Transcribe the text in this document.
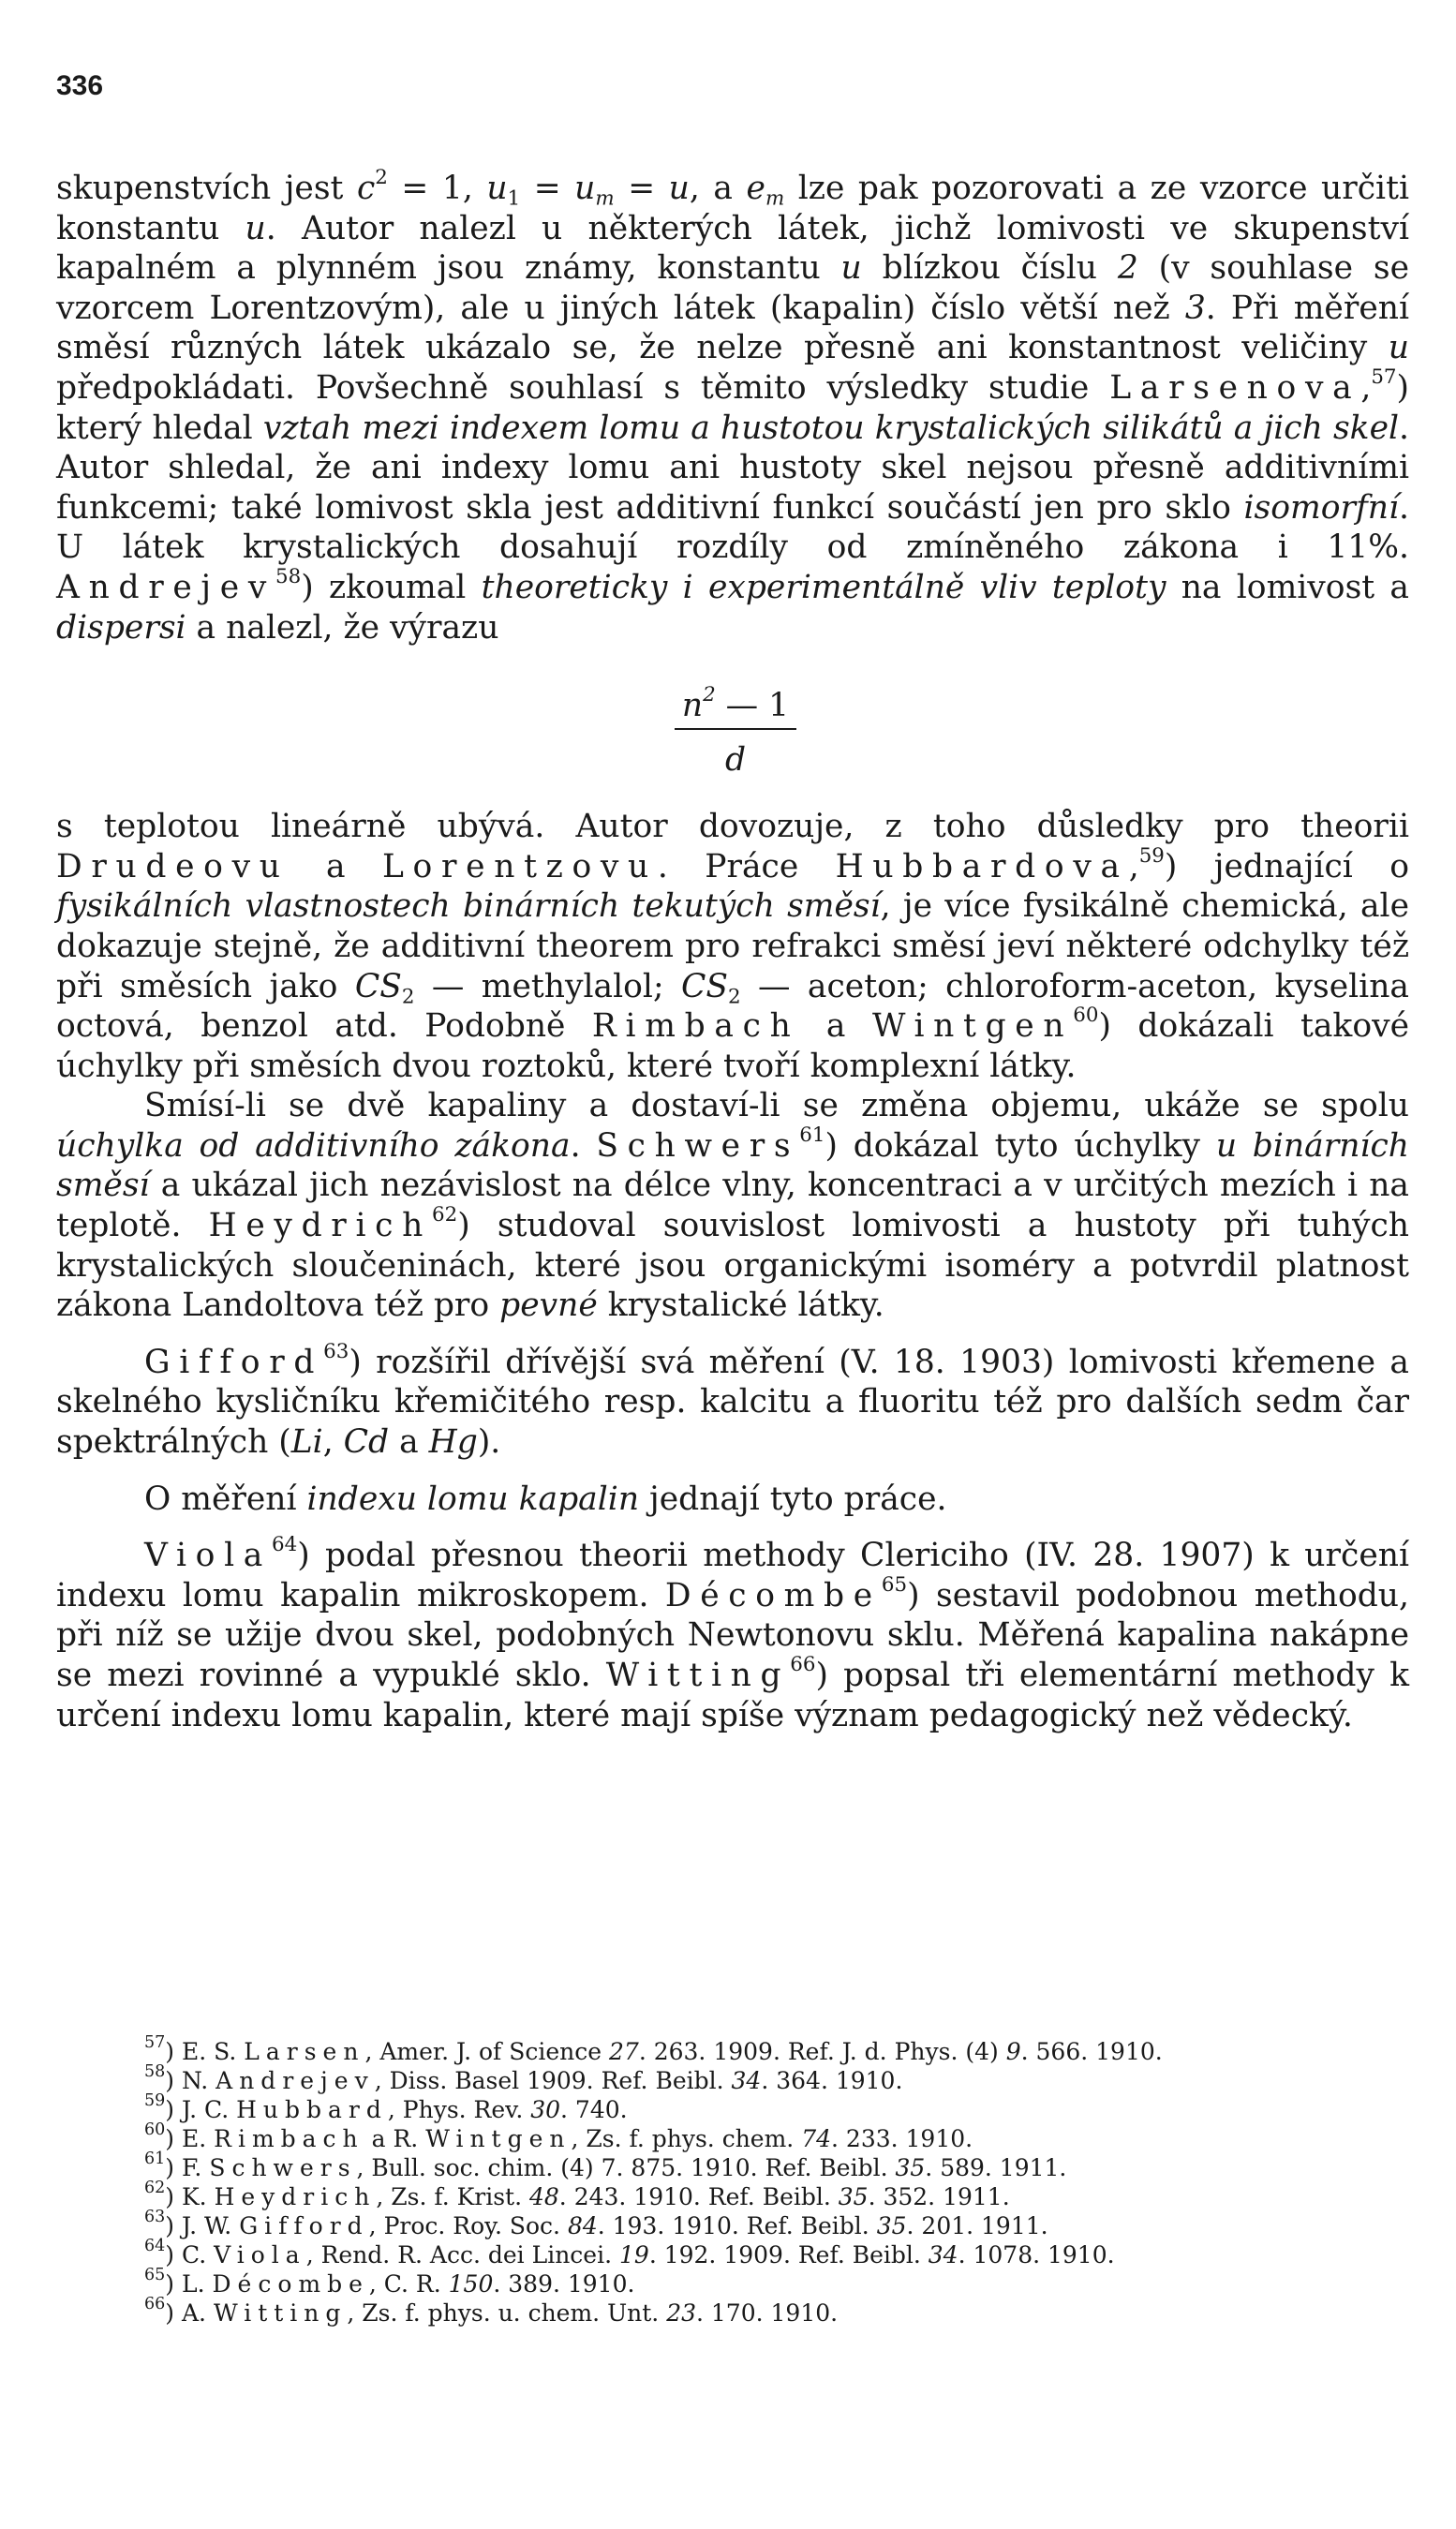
336

skupenstvích jest $c^2 = 1$, $u_1 = u_m = u$, a $e_m$ lze pak pozorovati a ze vzorce určiti konstantu u. Autor nalezl u některých látek, jichž lomivosti ve skupenství kapalném a plynném jsou známy, konstantu u blízkou číslu 2 (v souhlase se vzorcem Lorentzovým), ale u jiných látek (kapalin) číslo větší než 3. Při měření směsí různých látek ukázalo se, že nelze přesně ani konstantnost veličiny u předpokládati. Povšechně souhlasí s těmito výsledky studie Larsenova,$^{57}$) který hledal vztah mezi indexem lomu a hustotou krystalických silikátů a jich skel. Autor shledal, že ani indexy lomu ani hustoty skel nejsou přesně additivními funkcemi; také lomivost skla jest additivní funkcí součástí jen pro sklo isomorfní. U látek krystalických dosahují rozdíly od zmíněného zákona i 11%. Andrejev$^{58}$) zkoumal theoreticky i experimentálně vliv teploty na lomivost a dispersi a nalezl, že výrazu

$n^2$ — 1
d

s teplotou lineárně ubývá. Autor dovozuje, z toho důsledky pro theorii Drudeovu a Lorentzovu. Práce Hubbardova,$^{59}$) jednající o fysikálních vlastnostech binárních tekutých směsí, je více fysikálně chemická, ale dokazuje stejně, že additivní theorem pro refrakci směsí jeví některé odchylky též při směsích jako $CS_2$ — methylalol; $CS_2$ — aceton; chloroform-aceton, kyselina octová, benzol atd. Podobně Rimbach a Wintgen$^{60}$) dokázali takové úchylky při směsích dvou roztoků, které tvoří komplexní látky.

Smísí-li se dvě kapaliny a dostaví-li se změna objemu, ukáže se spolu úchylka od additivního zákona. Schwers$^{61}$) dokázal tyto úchylky u binárních směsí a ukázal jich nezávislost na délce vlny, koncentraci a v určitých mezích i na teplotě. Heydrich$^{62}$) studoval souvislost lomivosti a hustoty při tuhých krystalických sloučeninách, které jsou organickými isoméry a potvrdil platnost zákona Landoltova též pro pevné krystalické látky.

Gifford$^{63}$) rozšířil dřívější svá měření (V. 18. 1903) lomivosti křemene a skelného kysličníku křemičitého resp. kalcitu a fluoritu též pro dalších sedm čar spektrálných (Li, Cd a Hg).

O měření indexu lomu kapalin jednají tyto práce.

Viola$^{64}$) podal přesnou theorii methody Clericiho (IV. 28. 1907) k určení indexu lomu kapalin mikroskopem. Décombe$^{65}$) sestavil podobnou methodu, při níž se užije dvou skel, podobných Newtonovu sklu. Měřená kapalina nakápne se mezi rovinné a vypuklé sklo. Witting$^{66}$) popsal tři elementární methody k určení indexu lomu kapalin, které mají spíše význam pedagogický než vědecký.

$^{57}$) E. S. Larsen, Amer. J. of Science 27. 263. 1909. Ref. J. d. Phys. (4) 9. 566. 1910.

$^{58}$) N. Andrejev, Diss. Basel 1909. Ref. Beibl. 34. 364. 1910.

$^{59}$) J. C. Hubbard, Phys. Rev. 30. 740.

$^{60}$) E. Rimbach a R. Wintgen, Zs. f. phys. chem. 74. 233. 1910.

$^{61}$) F. Schwers, Bull. soc. chim. (4) 7. 875. 1910. Ref. Beibl. 35. 589. 1911.

$^{62}$) K. Heydrich, Zs. f. Krist. 48. 243. 1910. Ref. Beibl. 35. 352. 1911.

$^{63}$) J. W. Gifford, Proc. Roy. Soc. 84. 193. 1910. Ref. Beibl. 35. 201. 1911.

$^{64}$) C. Viola, Rend. R. Acc. dei Lincei. 19. 192. 1909. Ref. Beibl. 34. 1078. 1910.

$^{65}$) L. Décombe, C. R. 150. 389. 1910.

$^{66}$) A. Witting, Zs. f. phys. u. chem. Unt. 23. 170. 1910.
